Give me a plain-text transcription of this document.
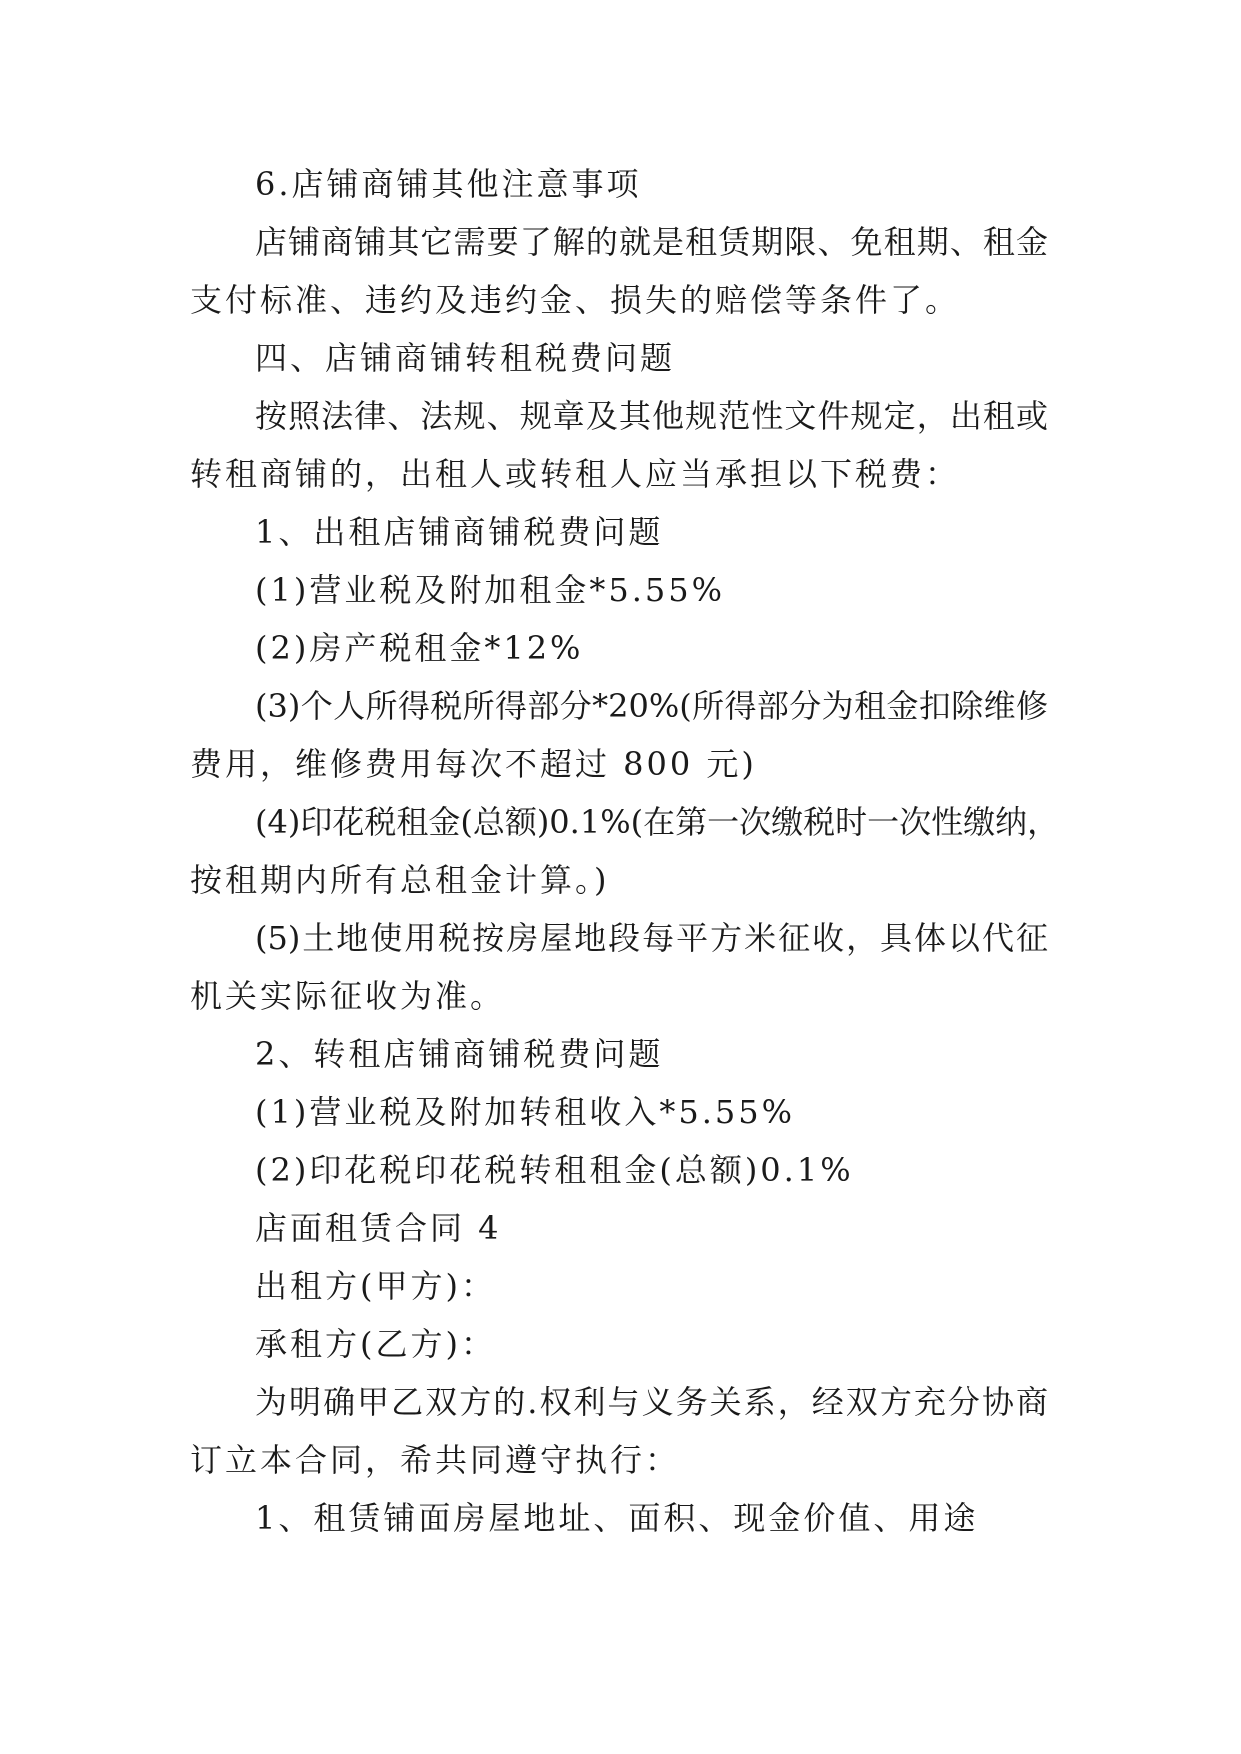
6.店铺商铺其他注意事项
店铺商铺其它需要了解的就是租赁期限、免租期、租金
支付标准、违约及违约金、损失的赔偿等条件了。
四、店铺商铺转租税费问题
按照法律、法规、规章及其他规范性文件规定，出租或
转租商铺的，出租人或转租人应当承担以下税费：
1、出租店铺商铺税费问题
(1)营业税及附加租金*5.55%
(2)房产税租金*12%
(3)个人所得税所得部分*20%(所得部分为租金扣除维修
费用，维修费用每次不超过 800 元)
(4)印花税租金(总额)0.1%(在第一次缴税时一次性缴纳，
按租期内所有总租金计算。)
(5)土地使用税按房屋地段每平方米征收，具体以代征
机关实际征收为准。
2、转租店铺商铺税费问题
(1)营业税及附加转租收入*5.55%
(2)印花税印花税转租租金(总额)0.1%
店面租赁合同 4
出租方(甲方)：
承租方(乙方)：
为明确甲乙双方的.权利与义务关系，经双方充分协商
订立本合同，希共同遵守执行：
1、租赁铺面房屋地址、面积、现金价值、用途
